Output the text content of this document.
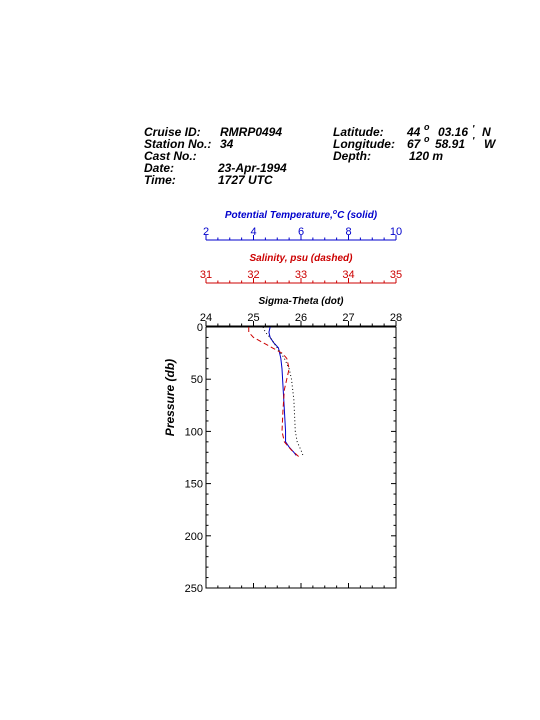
Cruise ID: RMRP0494
Station No.: 34
Cast No.:
Date:	23-Apr-1994
Time:	1727 UTC
Latitude: 44 o 03.16 ' N
Longitude: 67 o 58.91 ' W
Depth:	120 m
2	4	6	8	10
Potential Temperature,$^o$C (solid)
31	32	33	34	35
Salinity, psu (dashed)
24	25	26	27	28
Sigma-Theta (dot)
0
50
100
150
200
250
Pressure (db)
